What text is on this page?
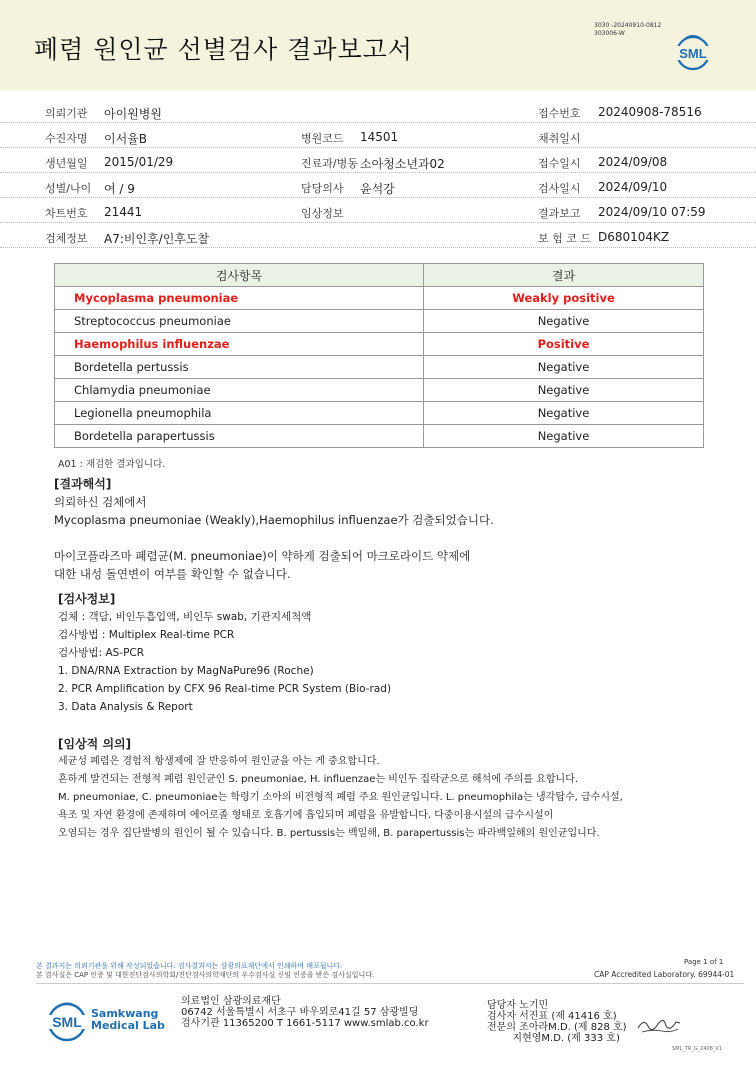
폐렴 원인균 선별검사 결과보고서
3030 -20240910-0812
303006-W
SML
의뢰기관 아이원병원	접수번호 20240908-78516
수진자명 이서율B	병원코드 14501	채취일시
생년월일 2015/01/29	진료과/병동 소아청소년과02	접수일시 2024/09/08
성별/나이 여 / 9	담당의사 윤석강	검사일시 2024/09/10
차트번호 21441	임상정보	결과보고 2024/09/10 07:59
검체정보 A7:비인후/인후도찰	보 험 코 드 D680104KZ
검사항목	결과
Mycoplasma pneumoniae	Weakly positive
Streptococcus pneumoniae	Negative
Haemophilus influenzae	Positive
Bordetella pertussis	Negative
Chlamydia pneumoniae	Negative
Legionella pneumophila	Negative
Bordetella parapertussis	Negative
A01 : 재검한 결과입니다.
[결과해석]
의뢰하신 검체에서
Mycoplasma pneumoniae (Weakly),Haemophilus influenzae가 검출되었습니다.
마이코플라즈마 폐렴균(M. pneumoniae)이 약하게 검출되어 마크로라이드 약제에
대한 내성 돌연변이 여부를 확인할 수 없습니다.
[검사정보]
검체 : 객담, 비인두흡입액, 비인두 swab, 기관지세척액
검사방법 : Multiplex Real-time PCR
검사방법: AS-PCR
1. DNA/RNA Extraction by MagNaPure96 (Roche)
2. PCR Amplification by CFX 96 Real-time PCR System (Bio-rad)
3. Data Analysis & Report
[임상적 의의]
세균성 폐렴은 경험적 항생제에 잘 반응하여 원인균을 아는 게 중요합니다.
흔하게 발견되는 전형적 폐렴 원인균인 S. pneumoniae, H. influenzae는 비인두 집락균으로 해석에 주의를 요합니다.
M. pneumoniae, C. pneumoniae는 학령기 소아의 비전형적 폐렴 주요 원인균입니다. L. pneumophila는 냉각탑수, 급수시설,
욕조 및 자연 환경에 존재하며 에어로졸 형태로 호흡기에 흡입되며 폐렴을 유발합니다. 다중이용시설의 급수시설이
오염되는 경우 집단발병의 원인이 될 수 있습니다. B. pertussis는 백일해, B. parapertussis는 파라백일해의 원인균입니다.
본 결과지는 의뢰기관을 위해 작성되었습니다. 검사결과지는 삼광의료재단에서 인쇄하며 배포됩니다.
본 검사실은 CAP 인증 및 대한진단검사의학회/진단검사의학재단의 우수검사실 신임 인증을 받은 검사실입니다.
Page 1 of 1
CAP Accredited Laboratory. 69944-01
SML
Samkwang
Medical Lab
의료법인 삼광의료재단
06742 서울특별시 서초구 바우뫼로41길 57 삼광빌딩
검사기관 11365200 T 1661-5117 www.smlab.co.kr
담당자 노기민
검사자 서진표 (제 41416 호)
전문의 조아라M.D. (제 828 호)
지현영M.D. (제 333 호)
SML_TR_G_2408_V1
